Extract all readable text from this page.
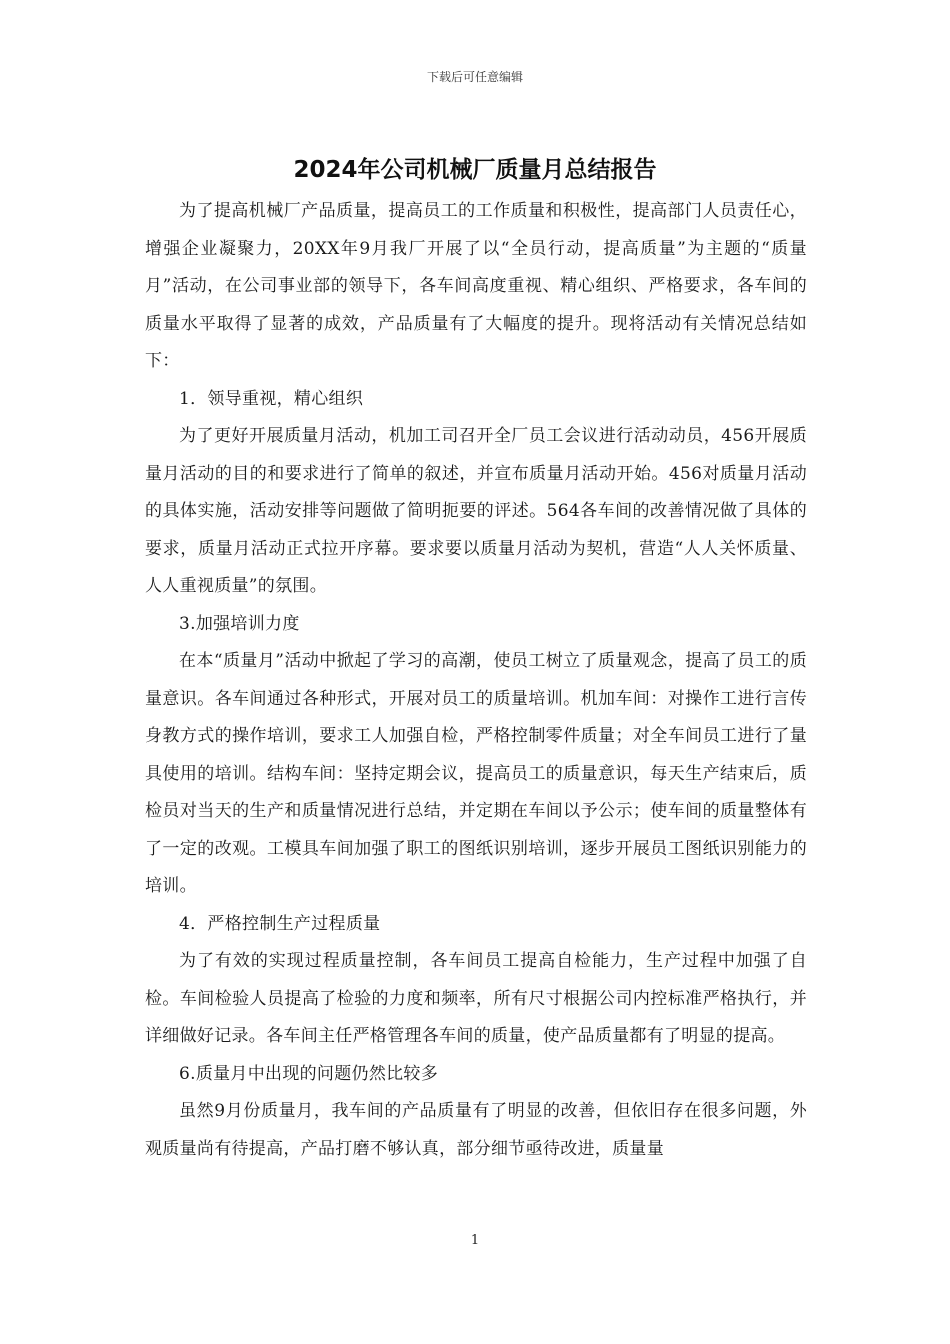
下载后可任意编辑
2024年公司机械厂质量月总结报告

为了提高机械厂产品质量，提高员工的工作质量和积极性，提高部门人员责任心，增强企业凝聚力，20XX年9月我厂开展了以“全员行动，提高质量”为主题的“质量月”活动，在公司事业部的领导下，各车间高度重视、精心组织、严格要求，各车间的质量水平取得了显著的成效，产品质量有了大幅度的提升。现将活动有关情况总结如下：

1．领导重视，精心组织

为了更好开展质量月活动，机加工司召开全厂员工会议进行活动动员，456开展质量月活动的目的和要求进行了简单的叙述，并宣布质量月活动开始。456对质量月活动的具体实施，活动安排等问题做了简明扼要的评述。564各车间的改善情况做了具体的要求，质量月活动正式拉开序幕。要求要以质量月活动为契机，营造“人人关怀质量、人人重视质量”的氛围。

3.加强培训力度

在本“质量月”活动中掀起了学习的高潮，使员工树立了质量观念，提高了员工的质量意识。各车间通过各种形式，开展对员工的质量培训。机加车间：对操作工进行言传身教方式的操作培训，要求工人加强自检，严格控制零件质量；对全车间员工进行了量具使用的培训。结构车间：坚持定期会议，提高员工的质量意识，每天生产结束后，质检员对当天的生产和质量情况进行总结，并定期在车间以予公示；使车间的质量整体有了一定的改观。工模具车间加强了职工的图纸识别培训，逐步开展员工图纸识别能力的培训。

4．严格控制生产过程质量

为了有效的实现过程质量控制，各车间员工提高自检能力，生产过程中加强了自检。车间检验人员提高了检验的力度和频率，所有尺寸根据公司内控标准严格执行，并详细做好记录。各车间主任严格管理各车间的质量，使产品质量都有了明显的提高。

6.质量月中出现的问题仍然比较多

虽然9月份质量月，我车间的产品质量有了明显的改善，但依旧存在很多问题，外观质量尚有待提高，产品打磨不够认真，部分细节亟待改进，质量量

1
